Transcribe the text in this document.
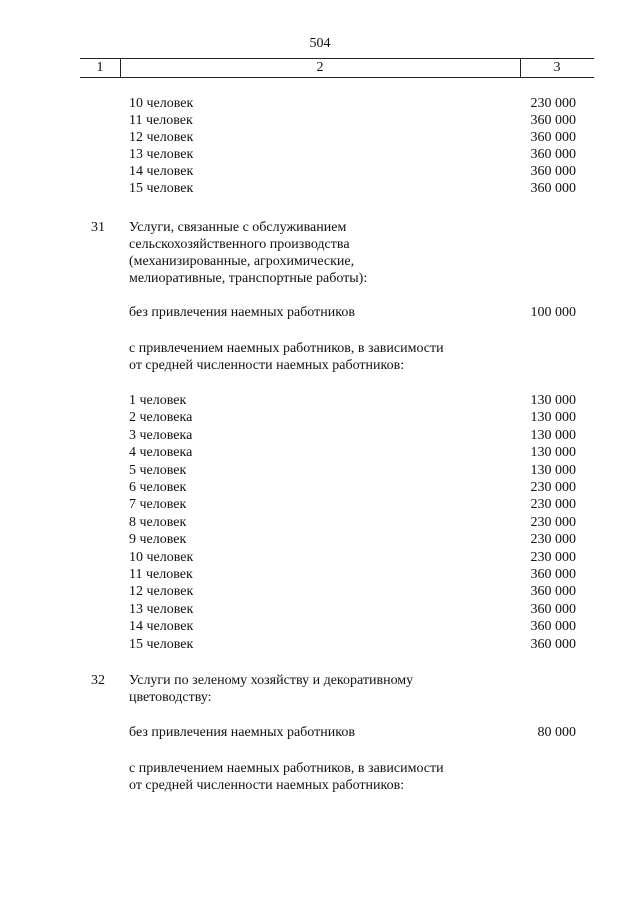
504
1	2	3
10 человек	230 000
11 человек	360 000
12 человек	360 000
13 человек	360 000
14 человек	360 000
15 человек	360 000
31 Услуги, связанные с обслуживанием
сельскохозяйственного производства
(механизированные, агрохимические,
мелиоративные, транспортные работы):
без привлечения наемных работников	100 000
с привлечением наемных работников, в зависимости
от средней численности наемных работников:
1 человек	130 000
2 человека	130 000
3 человека	130 000
4 человека	130 000
5 человек	130 000
6 человек	230 000
7 человек	230 000
8 человек	230 000
9 человек	230 000
10 человек	230 000
11 человек	360 000
12 человек	360 000
13 человек	360 000
14 человек	360 000
15 человек	360 000
32 Услуги по зеленому хозяйству и декоративному
цветоводству:
без привлечения наемных работников	80 000
с привлечением наемных работников, в зависимости
от средней численности наемных работников:
